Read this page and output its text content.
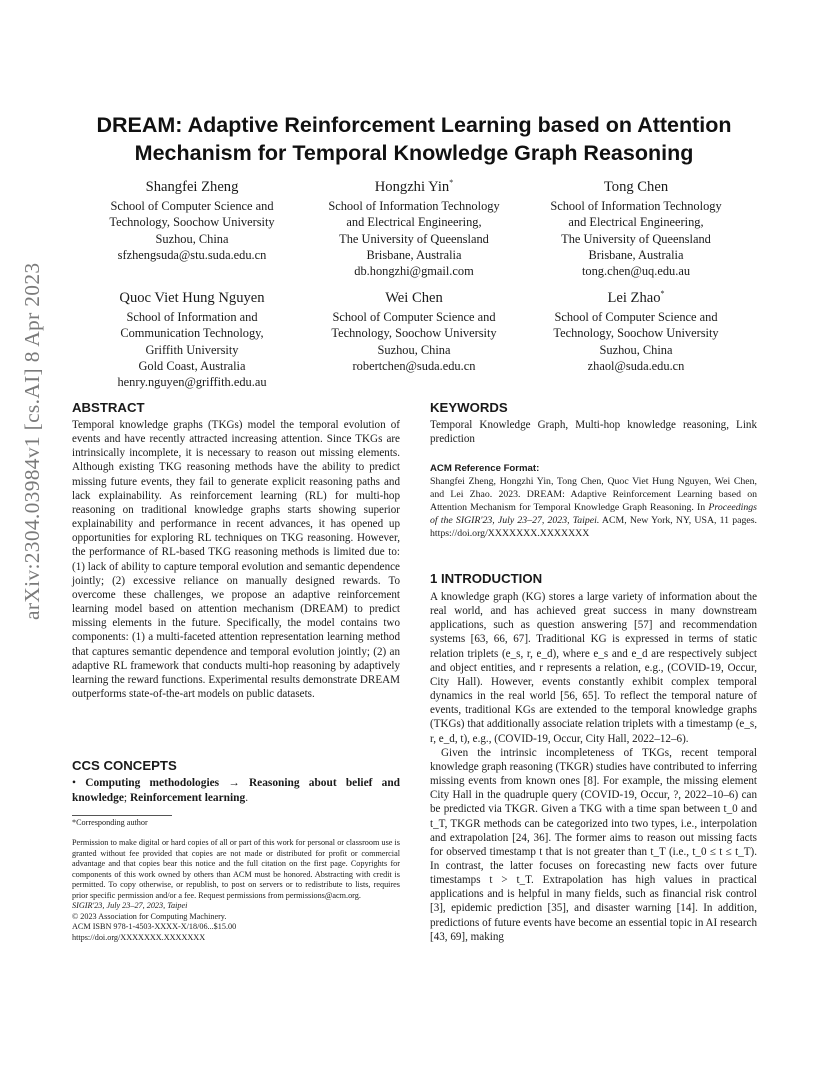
arXiv:2304.03984v1 [cs.AI] 8 Apr 2023
DREAM: Adaptive Reinforcement Learning based on Attention
Mechanism for Temporal Knowledge Graph Reasoning
Shangfei Zheng
School of Computer Science and
Technology, Soochow University
Suzhou, China
sfzhengsuda@stu.suda.edu.cn
Hongzhi Yin*
School of Information Technology
and Electrical Engineering,
The University of Queensland
Brisbane, Australia
db.hongzhi@gmail.com
Tong Chen
School of Information Technology
and Electrical Engineering,
The University of Queensland
Brisbane, Australia
tong.chen@uq.edu.au
Quoc Viet Hung Nguyen
School of Information and
Communication Technology,
Griffith University
Gold Coast, Australia
henry.nguyen@griffith.edu.au
Wei Chen
School of Computer Science and
Technology, Soochow University
Suzhou, China
robertchen@suda.edu.cn
Lei Zhao*
School of Computer Science and
Technology, Soochow University
Suzhou, China
zhaol@suda.edu.cn
ABSTRACT

Temporal knowledge graphs (TKGs) model the temporal evolution of events and have recently attracted increasing attention. Since TKGs are intrinsically incomplete, it is necessary to reason out missing elements. Although existing TKG reasoning methods have the ability to predict missing future events, they fail to generate explicit reasoning paths and lack explainability. As reinforcement learning (RL) for multi-hop reasoning on traditional knowledge graphs starts showing superior explainability and performance in recent advances, it has opened up opportunities for exploring RL techniques on TKG reasoning. However, the performance of RL-based TKG reasoning methods is limited due to: (1) lack of ability to capture temporal evolution and semantic dependence jointly; (2) excessive reliance on manually designed rewards. To overcome these challenges, we propose an adaptive reinforcement learning model based on attention mechanism (DREAM) to predict missing elements in the future. Specifically, the model contains two components: (1) a multi-faceted attention representation learning method that captures semantic dependence and temporal evolution jointly; (2) an adaptive RL framework that conducts multi-hop reasoning by adaptively learning the reward functions. Experimental results demonstrate DREAM outperforms state-of-the-art models on public datasets.

CCS CONCEPTS

• Computing methodologies → Reasoning about belief and knowledge; Reinforcement learning.

*Corresponding author

Permission to make digital or hard copies of all or part of this work for personal or classroom use is granted without fee provided that copies are not made or distributed for profit or commercial advantage and that copies bear this notice and the full citation on the first page. Copyrights for components of this work owned by others than ACM must be honored. Abstracting with credit is permitted. To copy otherwise, or republish, to post on servers or to redistribute to lists, requires prior specific permission and/or a fee. Request permissions from permissions@acm.org.

SIGIR'23, July 23–27, 2023, Taipei
© 2023 Association for Computing Machinery.
ACM ISBN 978-1-4503-XXXX-X/18/06...$15.00
https://doi.org/XXXXXXX.XXXXXXX
KEYWORDS

Temporal Knowledge Graph, Multi-hop knowledge reasoning, Link prediction

ACM Reference Format:

Shangfei Zheng, Hongzhi Yin, Tong Chen, Quoc Viet Hung Nguyen, Wei Chen, and Lei Zhao. 2023. DREAM: Adaptive Reinforcement Learning based on Attention Mechanism for Temporal Knowledge Graph Reasoning. In Proceedings of the SIGIR'23, July 23–27, 2023, Taipei. ACM, New York, NY, USA, 11 pages. https://doi.org/XXXXXXX.XXXXXXX

1 INTRODUCTION

A knowledge graph (KG) stores a large variety of information about the real world, and has achieved great success in many downstream applications, such as question answering [57] and recommendation systems [63, 66, 67]. Traditional KG is expressed in terms of static relation triplets (e_s, r, e_d), where e_s and e_d are respectively subject and object entities, and r represents a relation, e.g., (COVID-19, Occur, City Hall). However, events constantly exhibit complex temporal dynamics in the real world [56, 65]. To reflect the temporal nature of events, traditional KGs are extended to the temporal knowledge graphs (TKGs) that additionally associate relation triplets with a timestamp (e_s, r, e_d, t), e.g., (COVID-19, Occur, City Hall, 2022–12–6).

Given the intrinsic incompleteness of TKGs, recent temporal knowledge graph reasoning (TKGR) studies have contributed to inferring missing events from known ones [8]. For example, the missing element City Hall in the quadruple query (COVID-19, Occur, ?, 2022–10–6) can be predicted via TKGR. Given a TKG with a time span between t_0 and t_T, TKGR methods can be categorized into two types, i.e., interpolation and extrapolation [24, 36]. The former aims to reason out missing facts for observed timestamp t that is not greater than t_T (i.e., t_0 ≤ t ≤ t_T). In contrast, the latter focuses on forecasting new facts over future timestamps t > t_T. Extrapolation has high values in practical applications and is helpful in many fields, such as financial risk control [3], epidemic prediction [35], and disaster warning [14]. In addition, predictions of future events have become an essential topic in AI research [43, 69], making
